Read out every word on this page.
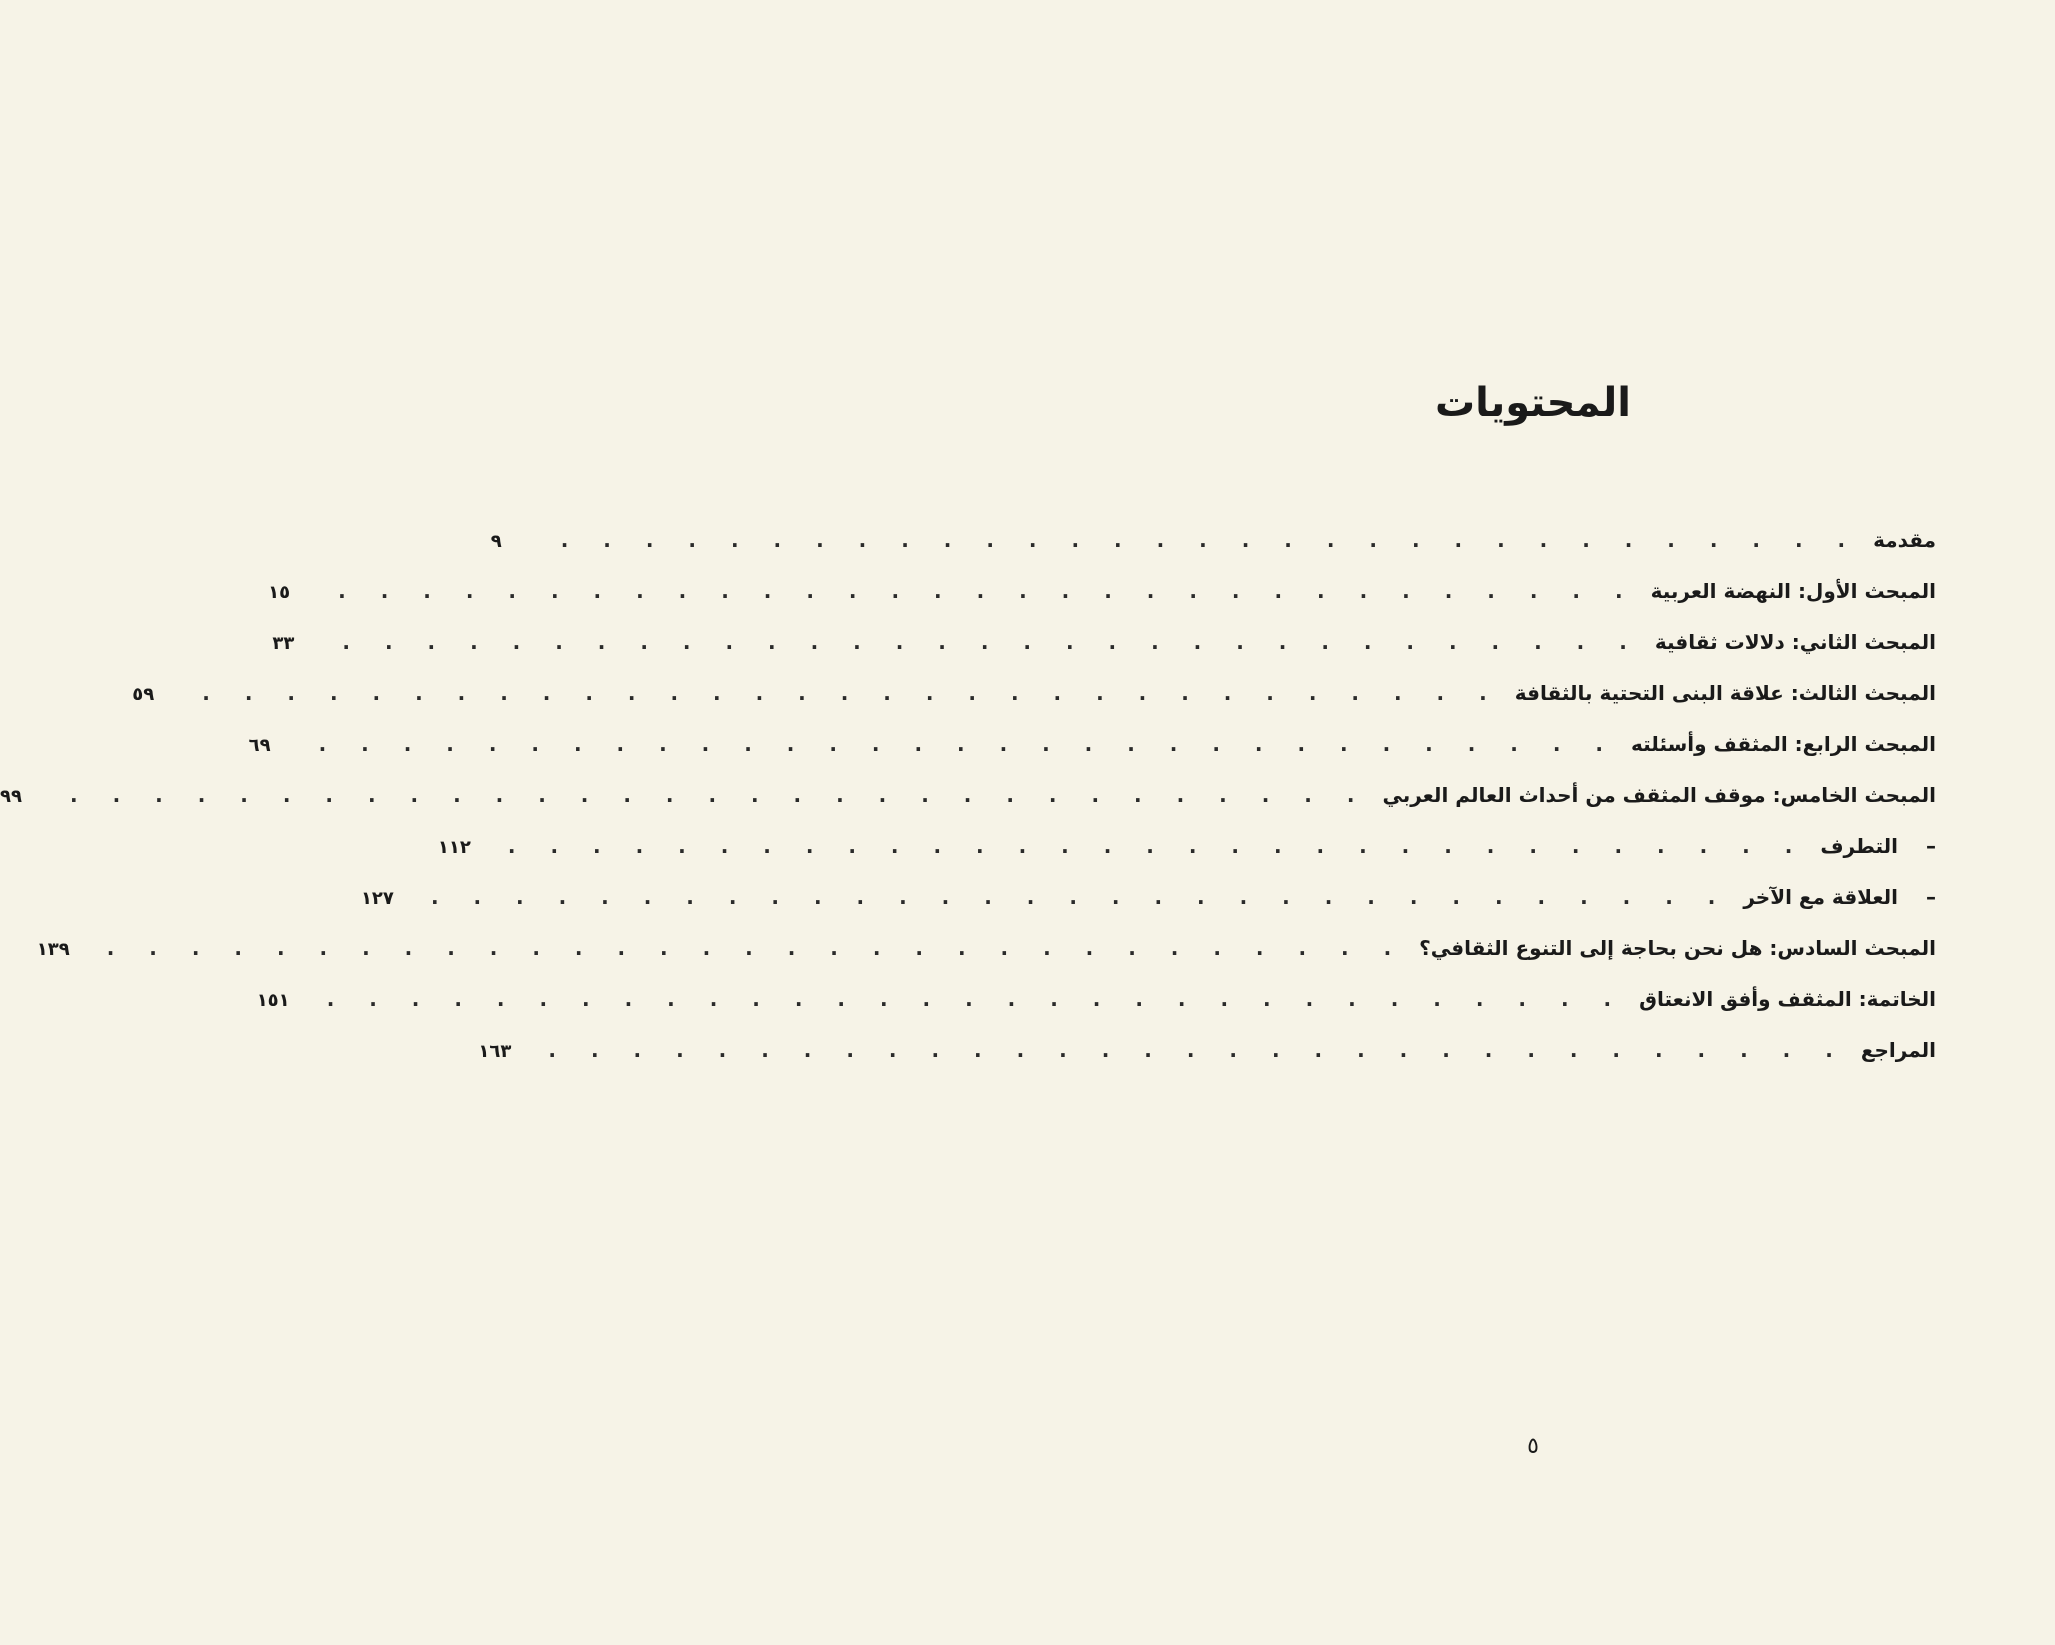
المحتويات
مقدمة
. . . . . . . . . . . . . . . . . . . . . . . . . . . . . . .
٩
المبحث الأول: النهضة العربية
. . . . . . . . . . . . . . . . . . . . . . . . . . . . . . .
١٥
المبحث الثاني: دلالات ثقافية
. . . . . . . . . . . . . . . . . . . . . . . . . . . . . . .
٣٣
المبحث الثالث: علاقة البنى التحتية بالثقافة
. . . . . . . . . . . . . . . . . . . . . . . . . . . . . . .
٥٩
المبحث الرابع: المثقف وأسئلته
. . . . . . . . . . . . . . . . . . . . . . . . . . . . . . .
٦٩
المبحث الخامس: موقف المثقف من أحداث العالم العربي
. . . . . . . . . . . . . . . . . . . . . . . . . . . . . . .
٩٩
–
التطرف
. . . . . . . . . . . . . . . . . . . . . . . . . . . . . . .
١١٢
–
العلاقة مع الآخر
. . . . . . . . . . . . . . . . . . . . . . . . . . . . . . .
١٢٧
المبحث السادس: هل نحن بحاجة إلى التنوع الثقافي؟
. . . . . . . . . . . . . . . . . . . . . . . . . . . . . . .
١٣٩
الخاتمة: المثقف وأفق الانعتاق
. . . . . . . . . . . . . . . . . . . . . . . . . . . . . . .
١٥١
المراجع
. . . . . . . . . . . . . . . . . . . . . . . . . . . . . . .
١٦٣
٥
